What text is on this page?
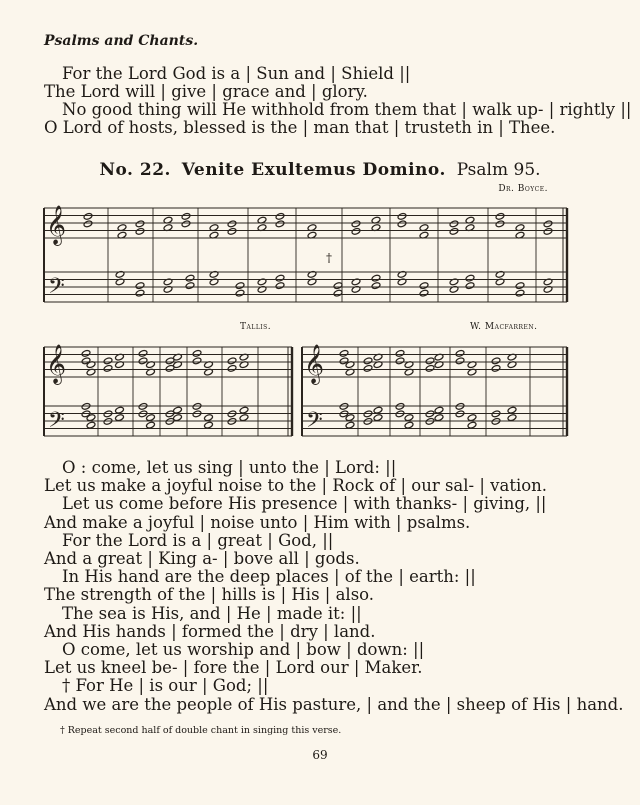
Psalms and Chants.
For the Lord God is a | Sun and | Shield ||
The Lord will | give | grace and | glory.
No good thing will He withhold from them that | walk up- | rightly ||
O Lord of hosts, blessed is the | man that | trusteth in | Thee.
No. 22. Venite Exultemus Domino. Psalm 95.
Dr. Boyce.
Tallis.	W. Macfarren.
𝄞
𝄢
†
𝄞
𝄢
𝄞
𝄢
O : come, let us sing | unto the | Lord: ||
Let us make a joyful noise to the | Rock of | our sal- | vation.
Let us come before His presence | with thanks- | giving, ||
And make a joyful | noise unto | Him with | psalms.
For the Lord is a | great | God, ||
And a great | King a- | bove all | gods.
In His hand are the deep places | of the | earth: ||
The strength of the | hills is | His | also.
The sea is His, and | He | made it: ||
And His hands | formed the | dry | land.
O come, let us worship and | bow | down: ||
Let us kneel be- | fore the | Lord our | Maker.
† For He | is our | God; ||
And we are the people of His pasture, | and the | sheep of His | hand.
† Repeat second half of double chant in singing this verse.
69
